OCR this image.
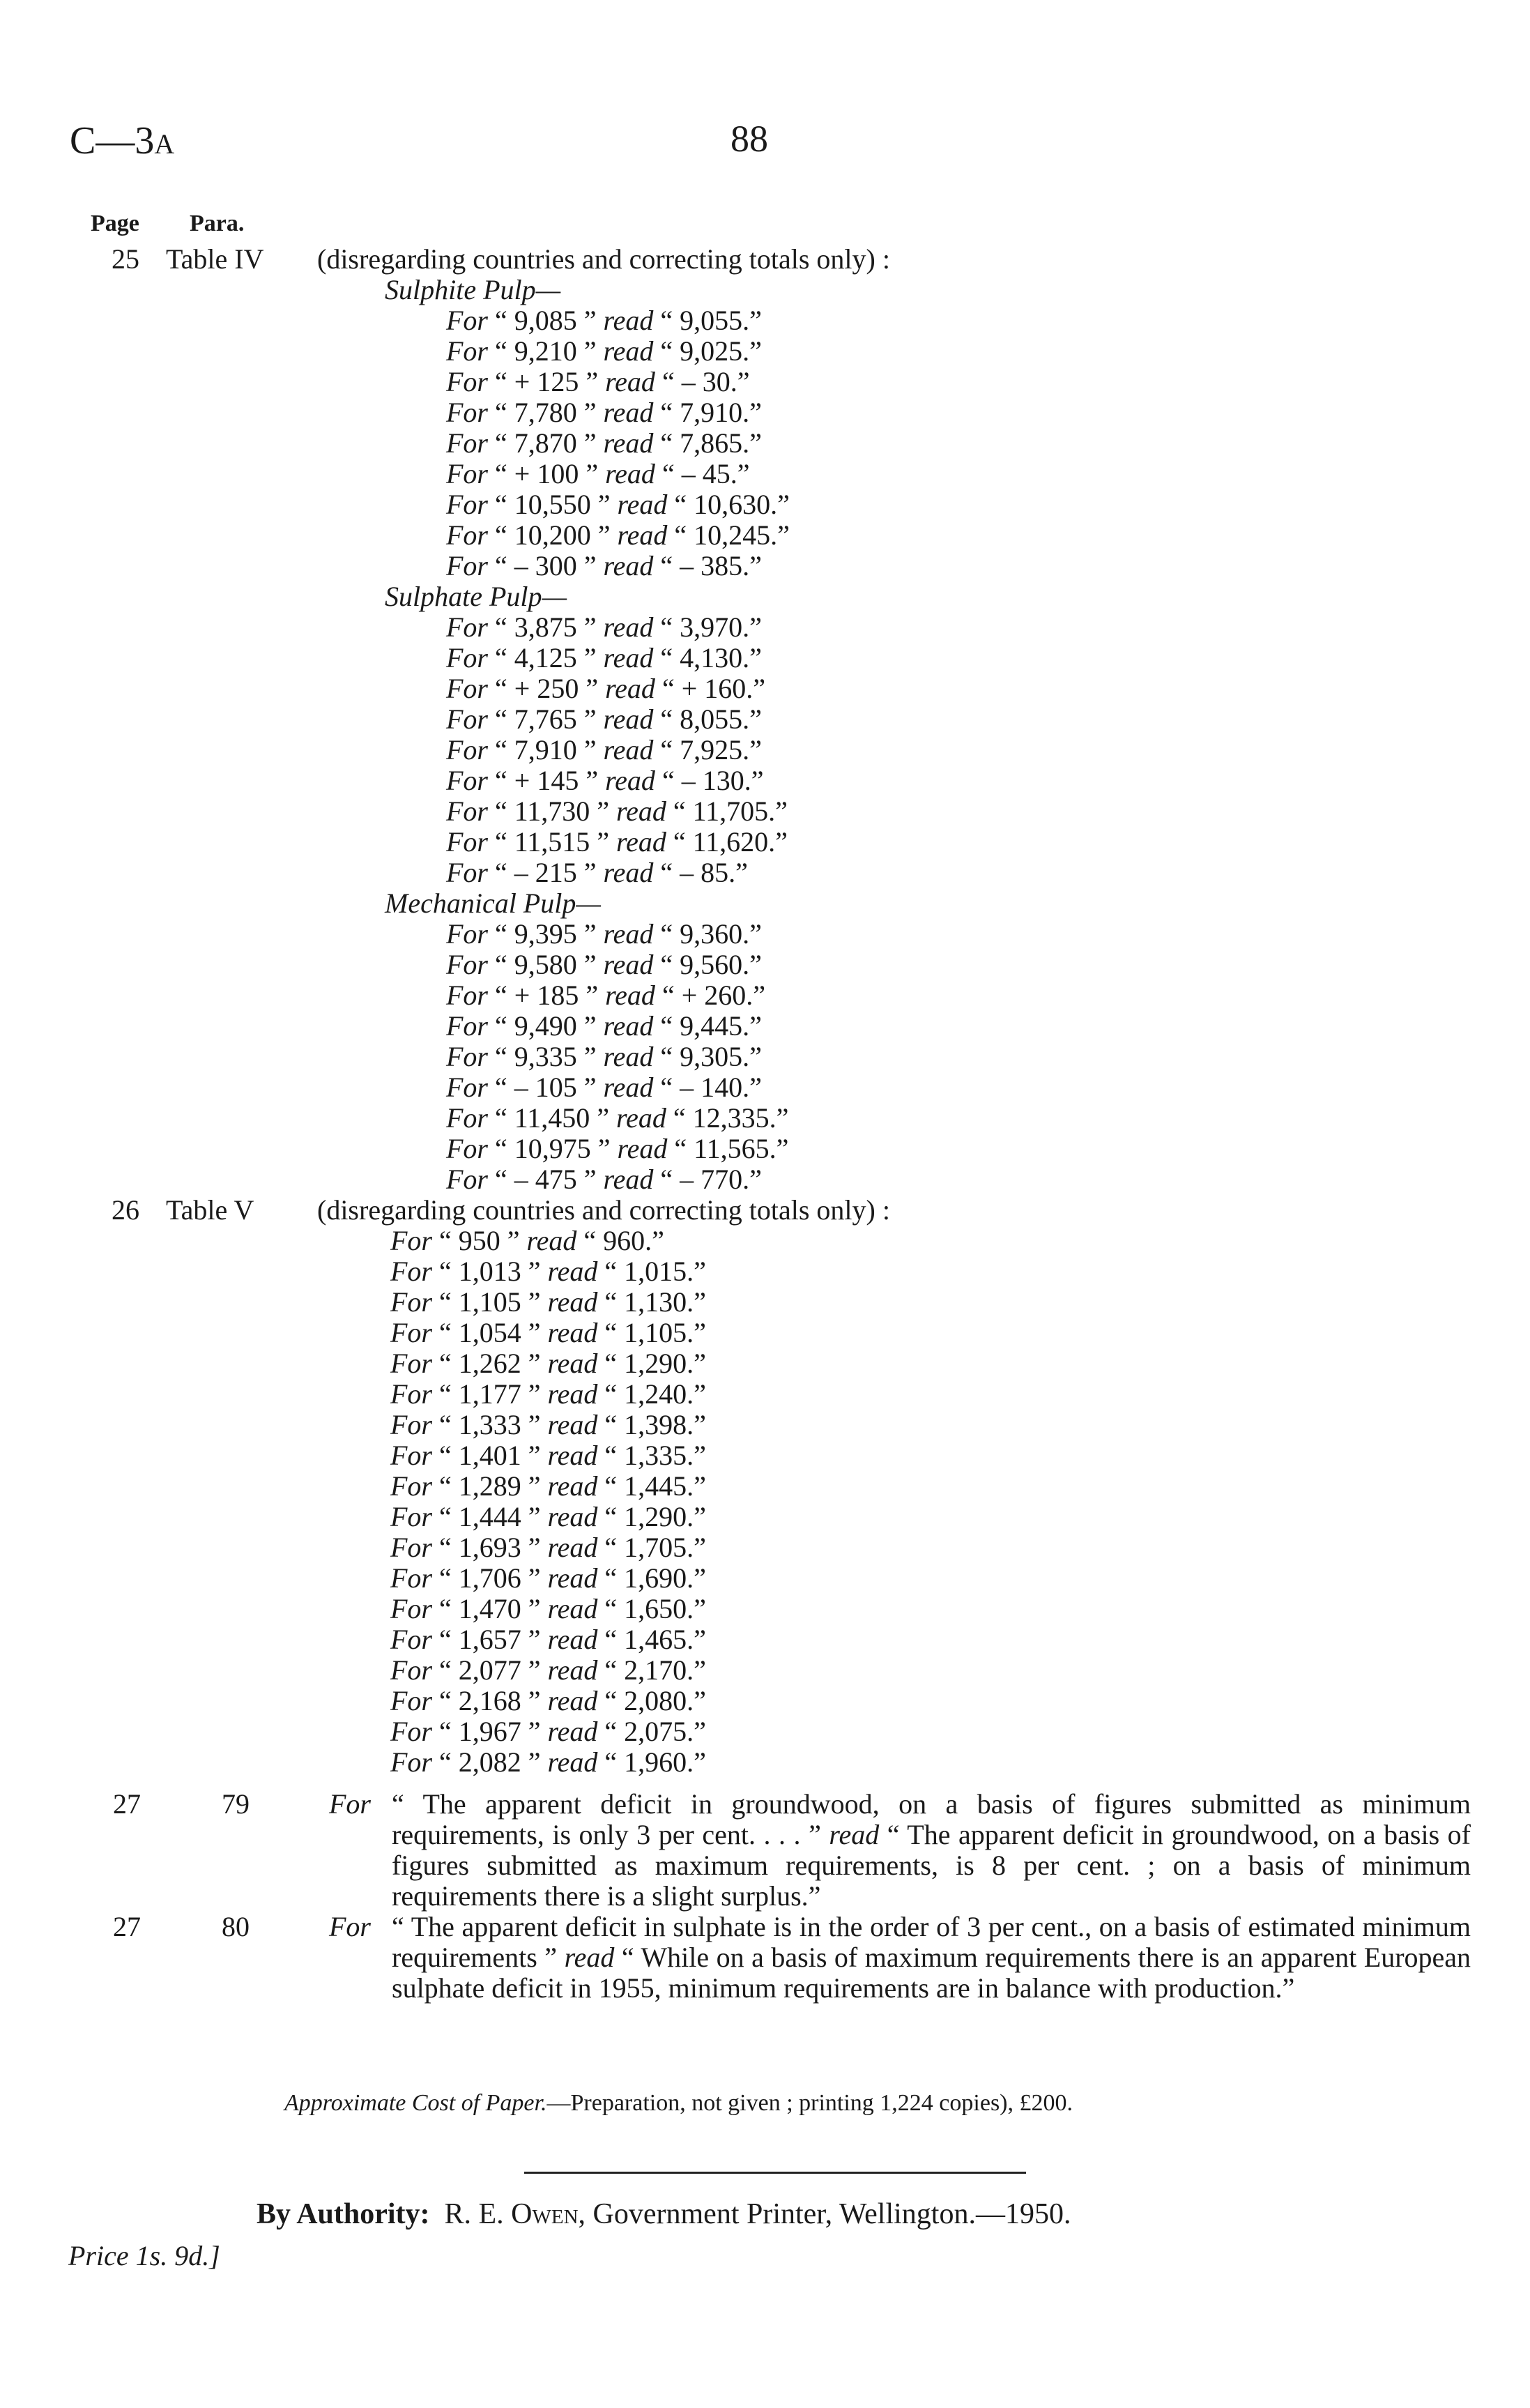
C—3A	88
Page Para.
25 Table IV (disregarding countries and correcting totals only) :
Sulphite Pulp—
For “ 9,085 ” read “ 9,055.”
For “ 9,210 ” read “ 9,025.”
For “ + 125 ” read “ – 30.”
For “ 7,780 ” read “ 7,910.”
For “ 7,870 ” read “ 7,865.”
For “ + 100 ” read “ – 45.”
For “ 10,550 ” read “ 10,630.”
For “ 10,200 ” read “ 10,245.”
For “ – 300 ” read “ – 385.”
Sulphate Pulp—
For “ 3,875 ” read “ 3,970.”
For “ 4,125 ” read “ 4,130.”
For “ + 250 ” read “ + 160.”
For “ 7,765 ” read “ 8,055.”
For “ 7,910 ” read “ 7,925.”
For “ + 145 ” read “ – 130.”
For “ 11,730 ” read “ 11,705.”
For “ 11,515 ” read “ 11,620.”
For “ – 215 ” read “ – 85.”
Mechanical Pulp—
For “ 9,395 ” read “ 9,360.”
For “ 9,580 ” read “ 9,560.”
For “ + 185 ” read “ + 260.”
For “ 9,490 ” read “ 9,445.”
For “ 9,335 ” read “ 9,305.”
For “ – 105 ” read “ – 140.”
For “ 11,450 ” read “ 12,335.”
For “ 10,975 ” read “ 11,565.”
For “ – 475 ” read “ – 770.”
26 Table V (disregarding countries and correcting totals only) :
For “ 950 ” read “ 960.”
For “ 1,013 ” read “ 1,015.”
For “ 1,105 ” read “ 1,130.”
For “ 1,054 ” read “ 1,105.”
For “ 1,262 ” read “ 1,290.”
For “ 1,177 ” read “ 1,240.”
For “ 1,333 ” read “ 1,398.”
For “ 1,401 ” read “ 1,335.”
For “ 1,289 ” read “ 1,445.”
For “ 1,444 ” read “ 1,290.”
For “ 1,693 ” read “ 1,705.”
For “ 1,706 ” read “ 1,690.”
For “ 1,470 ” read “ 1,650.”
For “ 1,657 ” read “ 1,465.”
For “ 2,077 ” read “ 2,170.”
For “ 2,168 ” read “ 2,080.”
For “ 1,967 ” read “ 2,075.”
For “ 2,082 ” read “ 1,960.”
27	79	For “ The apparent deficit in groundwood, on a basis of figures submitted as minimum requirements, is only 3 per cent. . . . ” read “ The apparent deficit in groundwood, on a basis of figures submitted as maximum requirements, is 8 per cent. ; on a basis of minimum requirements there is a slight surplus.”
27	80	For “ The apparent deficit in sulphate is in the order of 3 per cent., on a basis of estimated minimum requirements ” read “ While on a basis of maximum requirements there is an apparent European sulphate deficit in 1955, minimum requirements are in balance with production.”
Approximate Cost of Paper.—Preparation, not given ; printing 1,224 copies), £200.
By Authority: R. E. Owen, Government Printer, Wellington.—1950.
Price 1s. 9d.]
